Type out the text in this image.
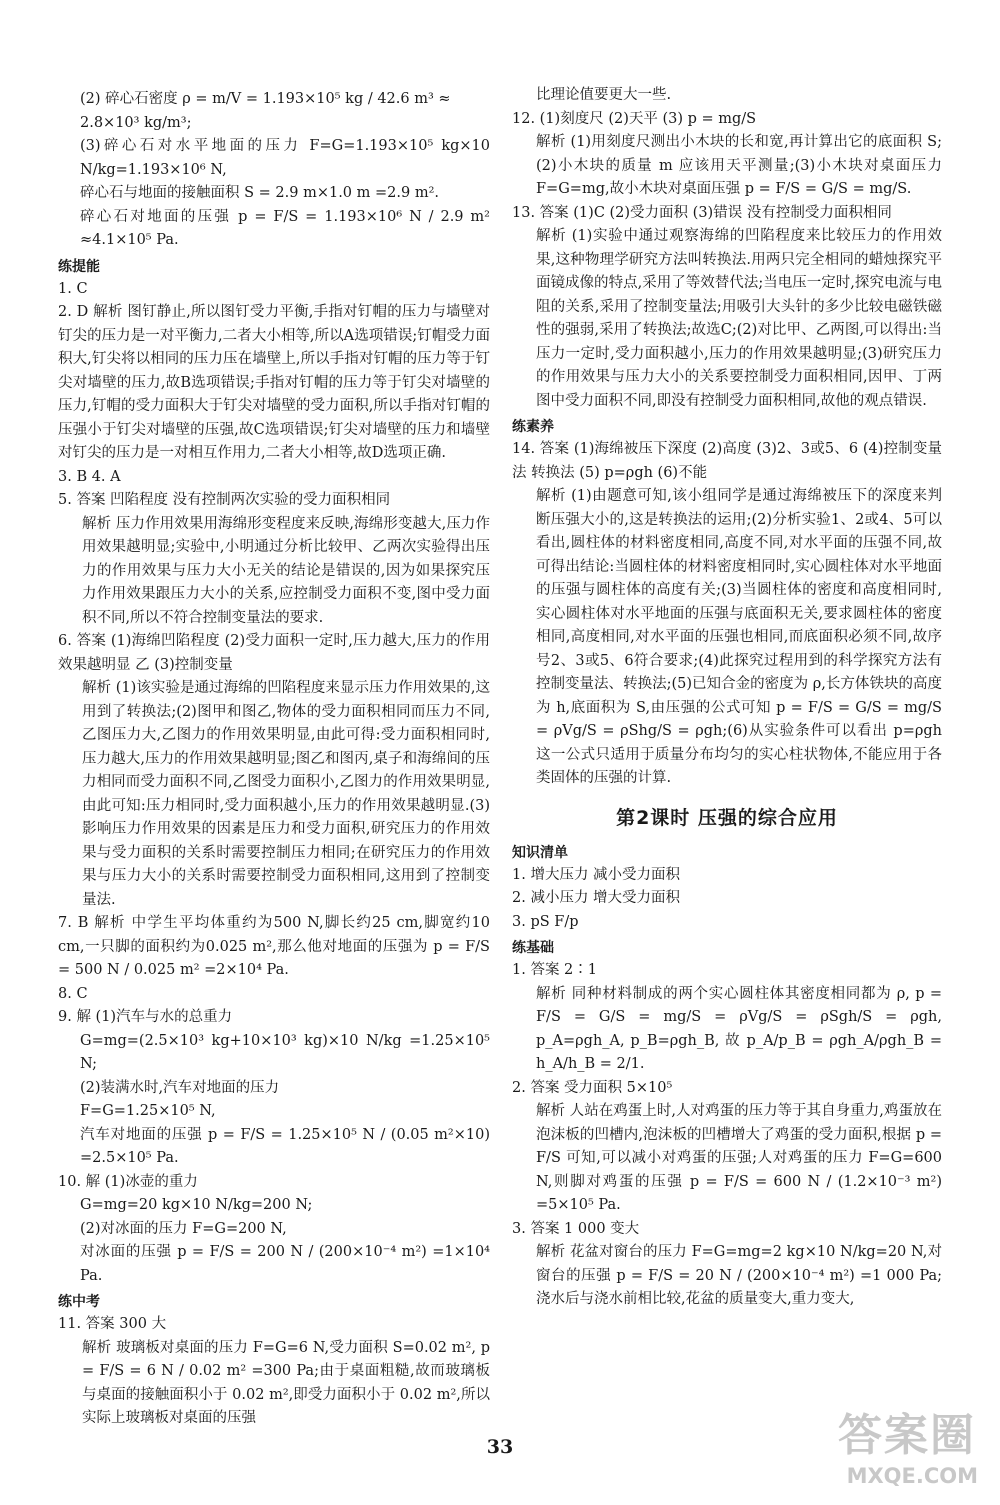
(2) 碎心石密度 ρ = m/V = 1.193×10⁵ kg / 42.6 m³ ≈

2.8×10³ kg/m³;

(3)碎心石对水平地面的压力 F=G=1.193×10⁵ kg×10 N/kg=1.193×10⁶ N,

碎心石与地面的接触面积 S = 2.9 m×1.0 m =2.9 m².

碎心石对地面的压强 p = F/S = 1.193×10⁶ N / 2.9 m² ≈4.1×10⁵ Pa.

练提能

1. C

2. D 解析 图钉静止,所以图钉受力平衡,手指对钉帽的压力与墙壁对钉尖的压力是一对平衡力,二者大小相等,所以A选项错误;钉帽受力面积大,钉尖将以相同的压力压在墙壁上,所以手指对钉帽的压力等于钉尖对墙壁的压力,故B选项错误;手指对钉帽的压力等于钉尖对墙壁的压力,钉帽的受力面积大于钉尖对墙壁的受力面积,所以手指对钉帽的压强小于钉尖对墙壁的压强,故C选项错误;钉尖对墙壁的压力和墙壁对钉尖的压力是一对相互作用力,二者大小相等,故D选项正确.

3. B 4. A

5. 答案 凹陷程度 没有控制两次实验的受力面积相同

解析 压力作用效果用海绵形变程度来反映,海绵形变越大,压力作用效果越明显;实验中,小明通过分析比较甲、乙两次实验得出压力的作用效果与压力大小无关的结论是错误的,因为如果探究压力作用效果跟压力大小的关系,应控制受力面积不变,图中受力面积不同,所以不符合控制变量法的要求.

6. 答案 (1)海绵凹陷程度 (2)受力面积一定时,压力越大,压力的作用效果越明显 乙 (3)控制变量

解析 (1)该实验是通过海绵的凹陷程度来显示压力作用效果的,这用到了转换法;(2)图甲和图乙,物体的受力面积相同而压力不同,乙图压力大,乙图力的作用效果明显,由此可得:受力面积相同时,压力越大,压力的作用效果越明显;图乙和图丙,桌子和海绵间的压力相同而受力面积不同,乙图受力面积小,乙图力的作用效果明显,由此可知:压力相同时,受力面积越小,压力的作用效果越明显.(3)影响压力作用效果的因素是压力和受力面积,研究压力的作用效果与受力面积的关系时需要控制压力相同;在研究压力的作用效果与压力大小的关系时需要控制受力面积相同,这用到了控制变量法.

7. B 解析 中学生平均体重约为500 N,脚长约25 cm,脚宽约10 cm,一只脚的面积约为0.025 m²,那么他对地面的压强为 p = F/S = 500 N / 0.025 m² =2×10⁴ Pa.

8. C

9. 解 (1)汽车与水的总重力

G=mg=(2.5×10³ kg+10×10³ kg)×10 N/kg =1.25×10⁵ N;

(2)装满水时,汽车对地面的压力

F=G=1.25×10⁵ N,

汽车对地面的压强 p = F/S = 1.25×10⁵ N / (0.05 m²×10) =2.5×10⁵ Pa.

10. 解 (1)冰壶的重力

G=mg=20 kg×10 N/kg=200 N;

(2)对冰面的压力 F=G=200 N,

对冰面的压强 p = F/S = 200 N / (200×10⁻⁴ m²) =1×10⁴ Pa.

练中考

11. 答案 300 大

解析 玻璃板对桌面的压力 F=G=6 N,受力面积 S=0.02 m², p = F/S = 6 N / 0.02 m² =300 Pa;由于桌面粗糙,故而玻璃板与桌面的接触面积小于 0.02 m²,即受力面积小于 0.02 m²,所以实际上玻璃板对桌面的压强

比理论值要更大一些.

12. (1)刻度尺 (2)天平 (3) p = mg/S

解析 (1)用刻度尺测出小木块的长和宽,再计算出它的底面积 S;(2)小木块的质量 m 应该用天平测量;(3)小木块对桌面压力 F=G=mg,故小木块对桌面压强 p = F/S = G/S = mg/S.

13. 答案 (1)C (2)受力面积 (3)错误 没有控制受力面积相同

解析 (1)实验中通过观察海绵的凹陷程度来比较压力的作用效果,这种物理学研究方法叫转换法.用两只完全相同的蜡烛探究平面镜成像的特点,采用了等效替代法;当电压一定时,探究电流与电阻的关系,采用了控制变量法;用吸引大头针的多少比较电磁铁磁性的强弱,采用了转换法;故选C;(2)对比甲、乙两图,可以得出:当压力一定时,受力面积越小,压力的作用效果越明显;(3)研究压力的作用效果与压力大小的关系要控制受力面积相同,因甲、丁两图中受力面积不同,即没有控制受力面积相同,故他的观点错误.

练素养

14. 答案 (1)海绵被压下深度 (2)高度 (3)2、3或5、6 (4)控制变量法 转换法 (5) p=ρgh (6)不能

解析 (1)由题意可知,该小组同学是通过海绵被压下的深度来判断压强大小的,这是转换法的运用;(2)分析实验1、2或4、5可以看出,圆柱体的材料密度相同,高度不同,对水平面的压强不同,故可得出结论:当圆柱体的材料密度相同时,实心圆柱体对水平地面的压强与圆柱体的高度有关;(3)当圆柱体的密度和高度相同时,实心圆柱体对水平地面的压强与底面积无关,要求圆柱体的密度相同,高度相同,对水平面的压强也相同,而底面积必须不同,故序号2、3或5、6符合要求;(4)此探究过程用到的科学探究方法有控制变量法、转换法;(5)已知合金的密度为 ρ,长方体铁块的高度为 h,底面积为 S,由压强的公式可知 p = F/S = G/S = mg/S = ρVg/S = ρShg/S = ρgh;(6)从实验条件可以看出 p=ρgh 这一公式只适用于质量分布均匀的实心柱状物体,不能应用于各类固体的压强的计算.

第2课时 压强的综合应用

知识清单

1. 增大压力 减小受力面积

2. 减小压力 增大受力面积

3. pS F/p

练基础

1. 答案 2∶1

解析 同种材料制成的两个实心圆柱体其密度相同都为 ρ, p = F/S = G/S = mg/S = ρVg/S = ρSgh/S = ρgh, p_A=ρgh_A, p_B=ρgh_B, 故 p_A/p_B = ρgh_A/ρgh_B = h_A/h_B = 2/1.

2. 答案 受力面积 5×10⁵

解析 人站在鸡蛋上时,人对鸡蛋的压力等于其自身重力,鸡蛋放在泡沫板的凹槽内,泡沫板的凹槽增大了鸡蛋的受力面积,根据 p = F/S 可知,可以减小对鸡蛋的压强;人对鸡蛋的压力 F=G=600 N,则脚对鸡蛋的压强 p = F/S = 600 N / (1.2×10⁻³ m²) =5×10⁵ Pa.

3. 答案 1 000 变大

解析 花盆对窗台的压力 F=G=mg=2 kg×10 N/kg=20 N,对窗台的压强 p = F/S = 20 N / (200×10⁻⁴ m²) =1 000 Pa;浇水后与浇水前相比较,花盆的质量变大,重力变大,

33	答案圈
MXQE.COM
